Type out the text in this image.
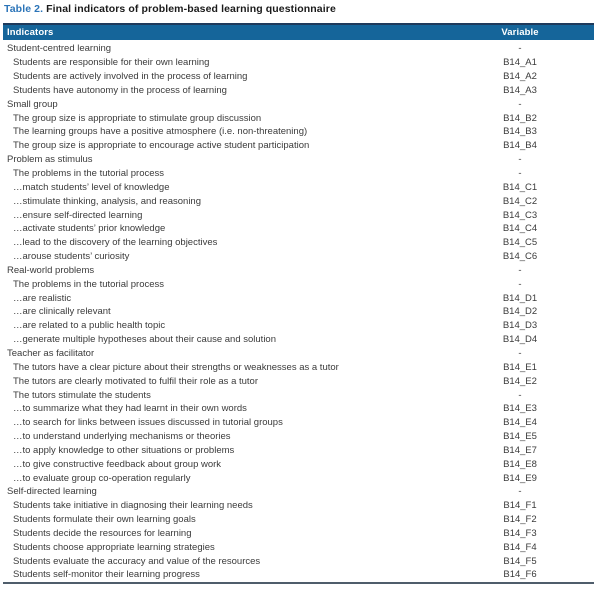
Table 2. Final indicators of problem-based learning questionnaire
Indicators	Variable
Student-centred learning	-
Students are responsible for their own learning	B14_A1
Students are actively involved in the process of learning	B14_A2
Students have autonomy in the process of learning	B14_A3
Small group	-
The group size is appropriate to stimulate group discussion	B14_B2
The learning groups have a positive atmosphere (i.e. non-threatening)	B14_B3
The group size is appropriate to encourage active student participation	B14_B4
Problem as stimulus	-
The problems in the tutorial process	-
…match students’ level of knowledge	B14_C1
…stimulate thinking, analysis, and reasoning	B14_C2
…ensure self-directed learning	B14_C3
…activate students’ prior knowledge	B14_C4
…lead to the discovery of the learning objectives	B14_C5
…arouse students’ curiosity	B14_C6
Real-world problems	-
The problems in the tutorial process	-
…are realistic	B14_D1
…are clinically relevant	B14_D2
…are related to a public health topic	B14_D3
…generate multiple hypotheses about their cause and solution	B14_D4
Teacher as facilitator	-
The tutors have a clear picture about their strengths or weaknesses as a tutor	B14_E1
The tutors are clearly motivated to fulfil their role as a tutor	B14_E2
The tutors stimulate the students	-
…to summarize what they had learnt in their own words	B14_E3
…to search for links between issues discussed in tutorial groups	B14_E4
…to understand underlying mechanisms or theories	B14_E5
…to apply knowledge to other situations or problems	B14_E7
…to give constructive feedback about group work	B14_E8
…to evaluate group co-operation regularly	B14_E9
Self-directed learning	-
Students take initiative in diagnosing their learning needs	B14_F1
Students formulate their own learning goals	B14_F2
Students decide the resources for learning	B14_F3
Students choose appropriate learning strategies	B14_F4
Students evaluate the accuracy and value of the resources	B14_F5
Students self-monitor their learning progress	B14_F6
